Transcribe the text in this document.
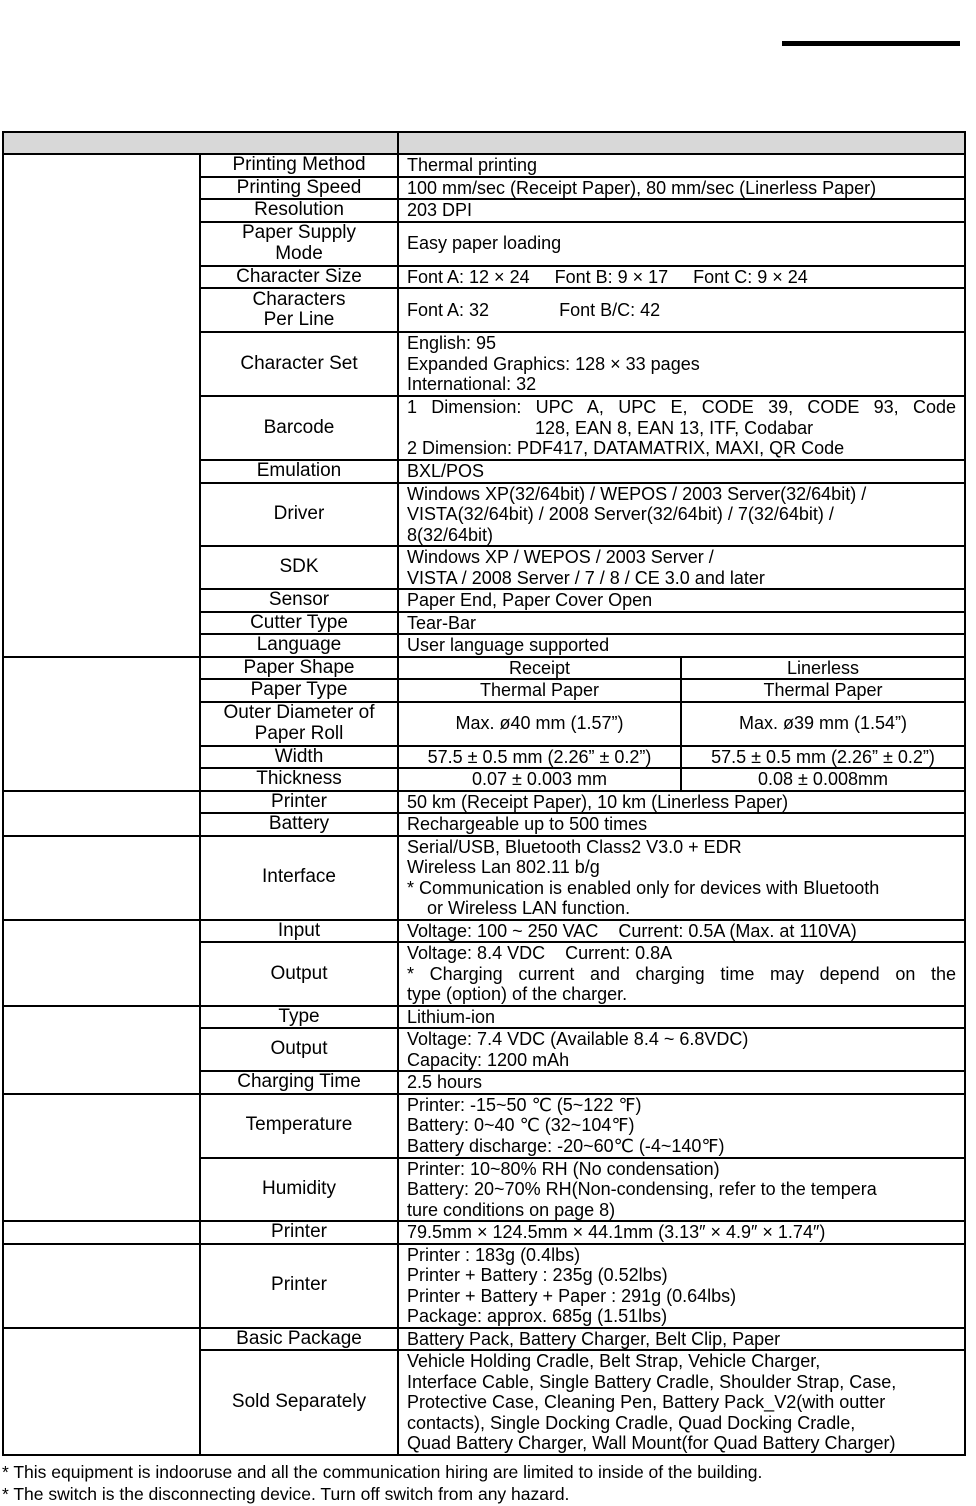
	Printing Method	Thermal printing	
	Printing Speed	100 mm/sec (Receipt Paper), 80 mm/sec (Linerless Paper)	
	Resolution	203 DPI	

	Paper Supply
Mode	Easy paper loading	
	Character Size	Font A: 12 × 24     Font B: 9 × 17     Font C: 9 × 24	

	Characters
Per Line	Font A: 32              Font B/C: 42	
	Character Set	English: 95
Expanded Graphics: 128 × 33 pages
International: 32	

	Barcode	1 Dimension: UPC A, UPC E, CODE 39, CODE 93, Code
128, EAN 8, EAN 13, ITF, Codabar
2 Dimension: PDF417, DATAMATRIX, MAXI, QR Code	

	Emulation	BXL/POS	
	Driver	Windows XP(32/64bit) / WEPOS / 2003 Server(32/64bit) /
VISTA(32/64bit) / 2008 Server(32/64bit) / 7(32/64bit) /
8(32/64bit)	

	SDK	Windows XP / WEPOS / 2003 Server /
VISTA / 2008 Server / 7 / 8 / CE 3.0 and later	

	Sensor	Paper End, Paper Cover Open	
	Cutter Type	Tear-Bar	
	Language	User language supported	
	Paper Shape	Receipt	Linerless
	Paper Type	Thermal Paper	Thermal Paper

	Outer Diameter of
Paper Roll	Max. ø40 mm (1.57”)	Max. ø39 mm (1.54”)
	Width	57.5 ± 0.5 mm (2.26” ± 0.2”)	57.5 ± 0.5 mm (2.26” ± 0.2”)
	Thickness	0.07 ± 0.003 mm	0.08 ± 0.008mm
	Printer	50 km (Receipt Paper), 10 km (Linerless Paper)	
	Battery	Rechargeable up to 500 times	
	Interface	Serial/USB, Bluetooth Class2 V3.0 + EDR
Wireless Lan 802.11 b/g
* Communication is enabled only for devices with Bluetooth
or Wireless LAN function.	

	Input	Voltage: 100 ~ 250 VAC    Current: 0.5A (Max. at 110VA)	
	Output	Voltage: 8.4 VDC    Current: 0.8A
* Charging current and charging time may depend on the
type (option) of the charger.	

	Type	Lithium-ion	
	Output	Voltage: 7.4 VDC (Available 8.4 ~ 6.8VDC)
Capacity: 1200 mAh	

	Charging Time	2.5 hours	
	Temperature	Printer: -15~50 ℃ (5~122 ℉)
Battery: 0~40 ℃ (32~104℉)
Battery discharge: -20~60℃ (-4~140℉)	

	Humidity	Printer: 10~80% RH (No condensation)
Battery: 20~70% RH(Non-condensing, refer to the tempera
ture conditions on page 8)	

	Printer	79.5mm × 124.5mm × 44.1mm (3.13″ × 4.9″ × 1.74″)	
	Printer	Printer : 183g (0.4lbs)
Printer + Battery : 235g (0.52lbs)
Printer + Battery + Paper : 291g (0.64lbs)
Package: approx. 685g (1.51lbs)	

	Basic Package	Battery Pack, Battery Charger, Belt Clip, Paper	
	Sold Separately	Vehicle Holding Cradle, Belt Strap, Vehicle Charger,
Interface Cable, Single Battery Cradle, Shoulder Strap, Case,
Protective Case, Cleaning Pen, Battery Pack_V2(with outter
contacts), Single Docking Cradle, Quad Docking Cradle,
Quad Battery Charger, Wall Mount(for Quad Battery Charger)	
* This equipment is indooruse and all the communication hiring are limited to inside of the building.
* The switch is the disconnecting device. Turn off switch from any hazard.
